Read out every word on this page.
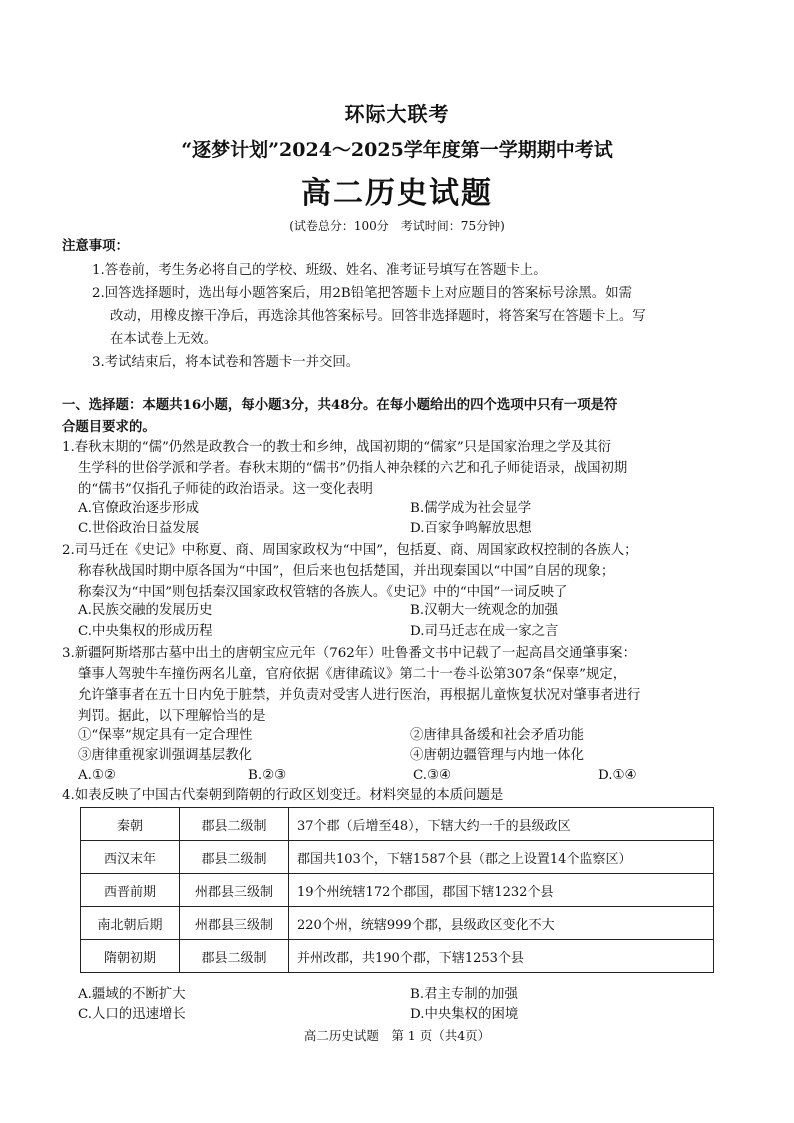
环际大联考
“逐梦计划”2024～2025学年度第一学期期中考试
高二历史试题
(试卷总分：100分　考试时间：75分钟)
注意事项：
1.答卷前，考生务必将自己的学校、班级、姓名、准考证号填写在答题卡上。
2.回答选择题时，选出每小题答案后，用2B铅笔把答题卡上对应题目的答案标号涂黑。如需
改动，用橡皮擦干净后，再选涂其他答案标号。回答非选择题时，将答案写在答题卡上。写
在本试卷上无效。
3.考试结束后，将本试卷和答题卡一并交回。
一、选择题：本题共16小题，每小题3分，共48分。在每小题给出的四个选项中只有一项是符
合题目要求的。
1.春秋末期的“儒”仍然是政教合一的教士和乡绅，战国初期的“儒家”只是国家治理之学及其衍
生学科的世俗学派和学者。春秋末期的“儒书”仍指人神杂糅的六艺和孔子师徒语录，战国初期
的“儒书”仅指孔子师徒的政治语录。这一变化表明
A.官僚政治逐步形成	B.儒学成为社会显学
C.世俗政治日益发展	D.百家争鸣解放思想
2.司马迁在《史记》中称夏、商、周国家政权为“中国”，包括夏、商、周国家政权控制的各族人；
称春秋战国时期中原各国为“中国”，但后来也包括楚国，并出现秦国以“中国”自居的现象；
称秦汉为“中国”则包括秦汉国家政权管辖的各族人。《史记》中的“中国”一词反映了
A.民族交融的发展历史	B.汉朝大一统观念的加强
C.中央集权的形成历程	D.司马迁志在成一家之言
3.新疆阿斯塔那古墓中出土的唐朝宝应元年（762年）吐鲁番文书中记载了一起高昌交通肇事案：
肇事人驾驶牛车撞伤两名儿童，官府依据《唐律疏议》第二十一卷斗讼第307条“保辜”规定，
允许肇事者在五十日内免于脏禁，并负责对受害人进行医治，再根据儿童恢复状况对肇事者进行
判罚。据此，以下理解恰当的是
①“保辜”规定具有一定合理性	②唐律具备缓和社会矛盾功能
③唐律重视家训强调基层教化	④唐朝边疆管理与内地一体化
A.①②	B.②③	C.③④	D.①④
4.如表反映了中国古代秦朝到隋朝的行政区划变迁。材料突显的本质问题是
秦朝	郡县二级制	37个郡（后增至48），下辖大约一千的县级政区
西汉末年	郡县二级制	郡国共103个，下辖1587个县（郡之上设置14个监察区）
西晋前期	州郡县三级制	19个州统辖172个郡国，郡国下辖1232个县
南北朝后期	州郡县三级制	220个州，统辖999个郡，县级政区变化不大
隋朝初期	郡县二级制	并州改郡，共190个郡，下辖1253个县
A.疆域的不断扩大	B.君主专制的加强
C.人口的迅速增长	D.中央集权的困境
高二历史试题　第 1 页（共4页）
